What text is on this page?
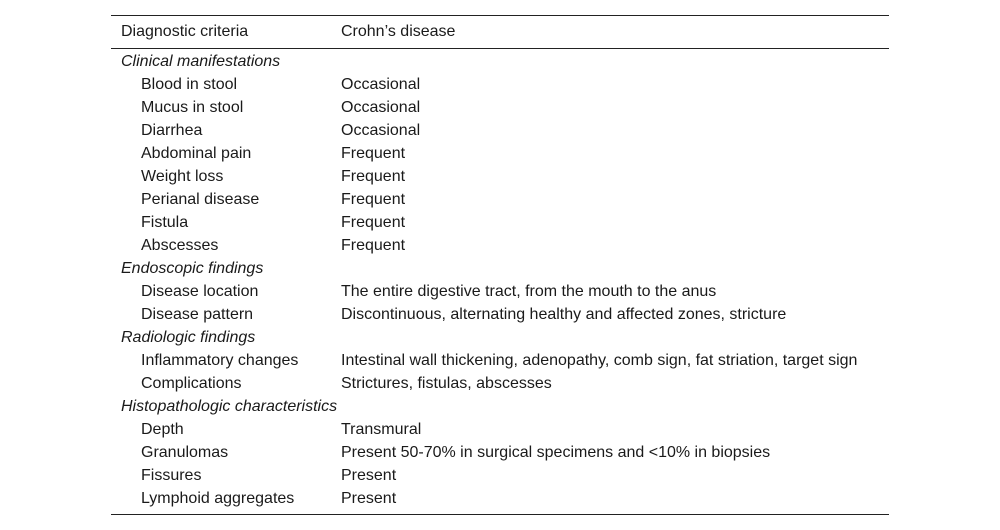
Diagnostic criteria	Crohn’s disease
Clinical manifestations
Blood in stool	Occasional
Mucus in stool	Occasional
Diarrhea	Occasional
Abdominal pain	Frequent
Weight loss	Frequent
Perianal disease	Frequent
Fistula	Frequent
Abscesses	Frequent
Endoscopic findings
Disease location	The entire digestive tract, from the mouth to the anus
Disease pattern	Discontinuous, alternating healthy and affected zones, stricture
Radiologic findings
Inflammatory changes	Intestinal wall thickening, adenopathy, comb sign, fat striation, target sign
Complications	Strictures, fistulas, abscesses
Histopathologic characteristics
Depth	Transmural
Granulomas	Present 50-70% in surgical specimens and <10% in biopsies
Fissures	Present
Lymphoid aggregates	Present
